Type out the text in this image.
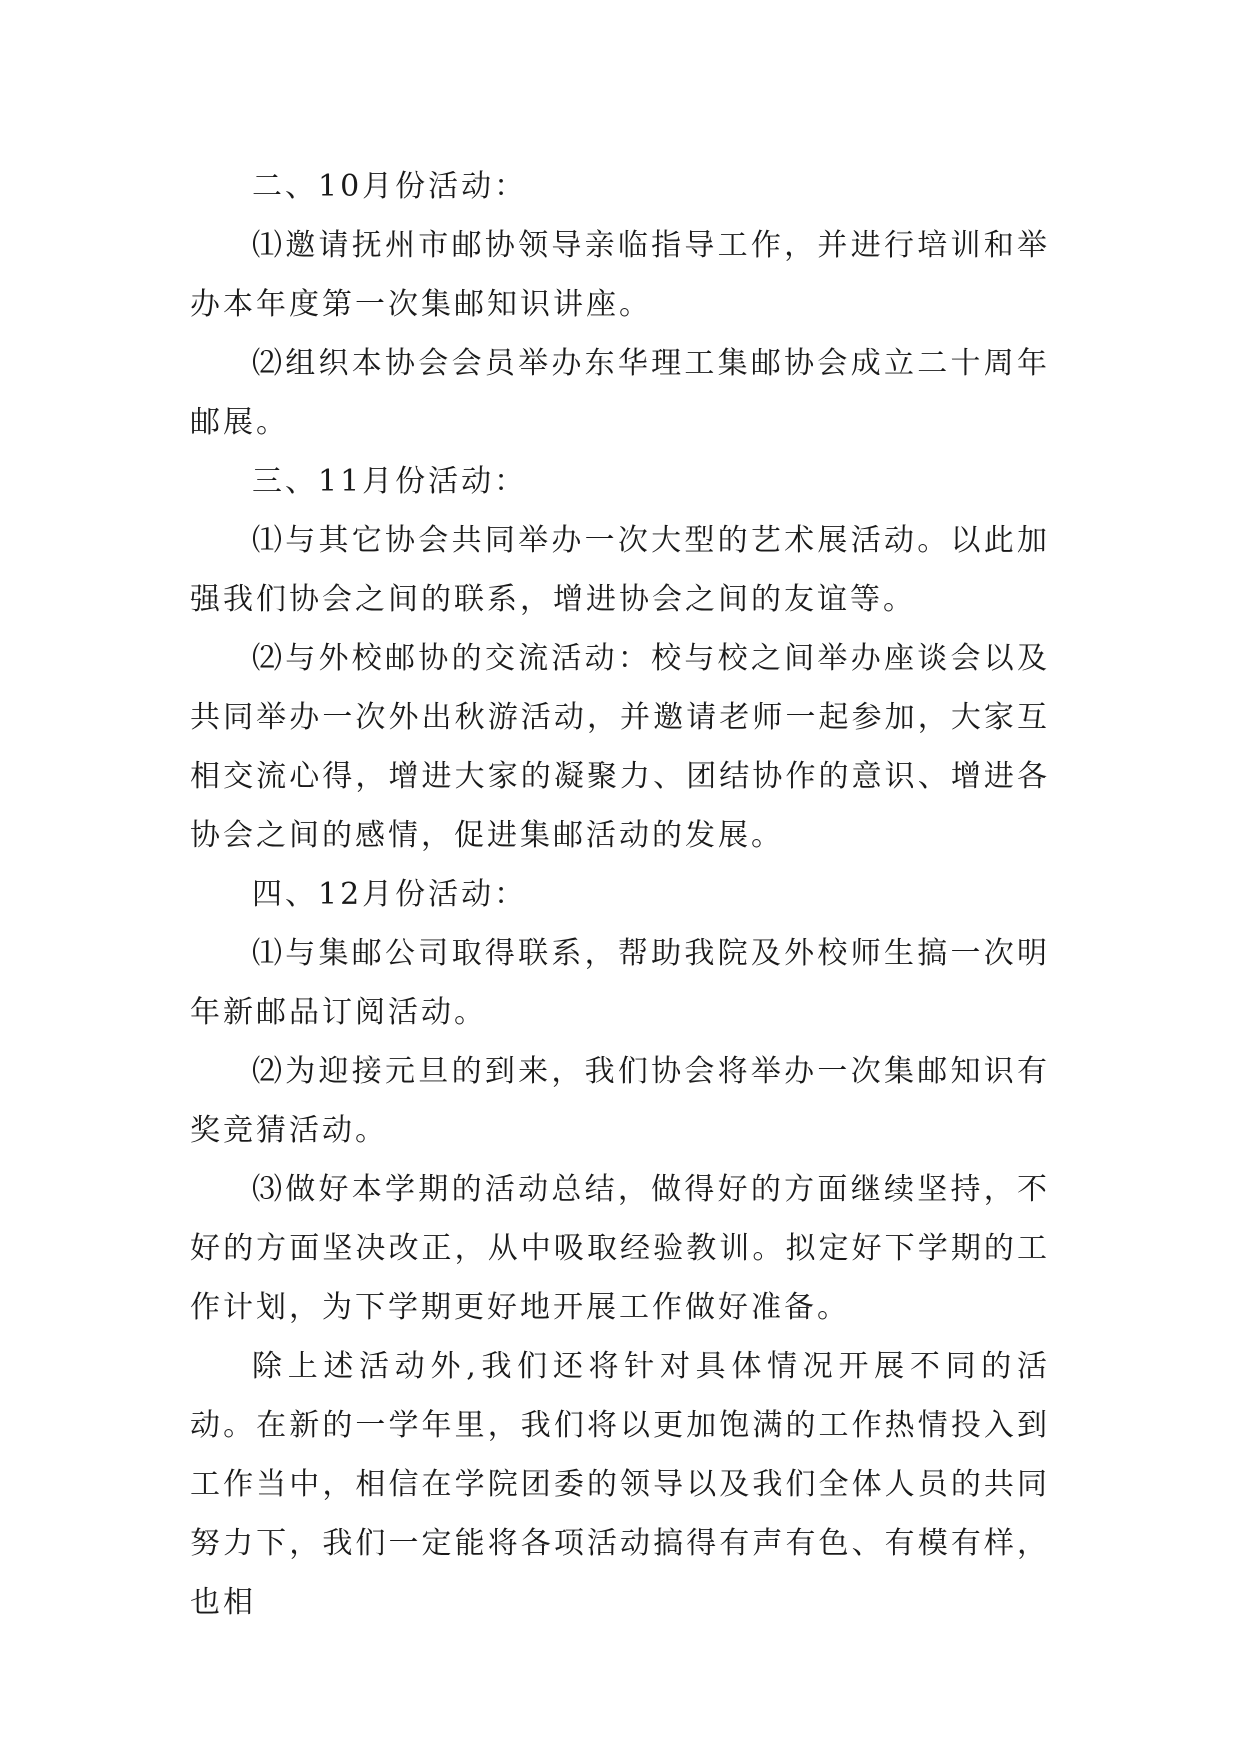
二、10月份活动：

⑴邀请抚州市邮协领导亲临指导工作，并进行培训和举办本年度第一次集邮知识讲座。

⑵组织本协会会员举办东华理工集邮协会成立二十周年邮展。

三、11月份活动：

⑴与其它协会共同举办一次大型的艺术展活动。以此加强我们协会之间的联系，增进协会之间的友谊等。

⑵与外校邮协的交流活动：校与校之间举办座谈会以及共同举办一次外出秋游活动，并邀请老师一起参加，大家互相交流心得，增进大家的凝聚力、团结协作的意识、增进各协会之间的感情，促进集邮活动的发展。

四、12月份活动：

⑴与集邮公司取得联系，帮助我院及外校师生搞一次明年新邮品订阅活动。

⑵为迎接元旦的到来，我们协会将举办一次集邮知识有奖竞猜活动。

⑶做好本学期的活动总结，做得好的方面继续坚持，不好的方面坚决改正，从中吸取经验教训。拟定好下学期的工作计划，为下学期更好地开展工作做好准备。

除上述活动外,我们还将针对具体情况开展不同的活动。在新的一学年里，我们将以更加饱满的工作热情投入到工作当中，相信在学院团委的领导以及我们全体人员的共同努力下，我们一定能将各项活动搞得有声有色、有模有样，也相
